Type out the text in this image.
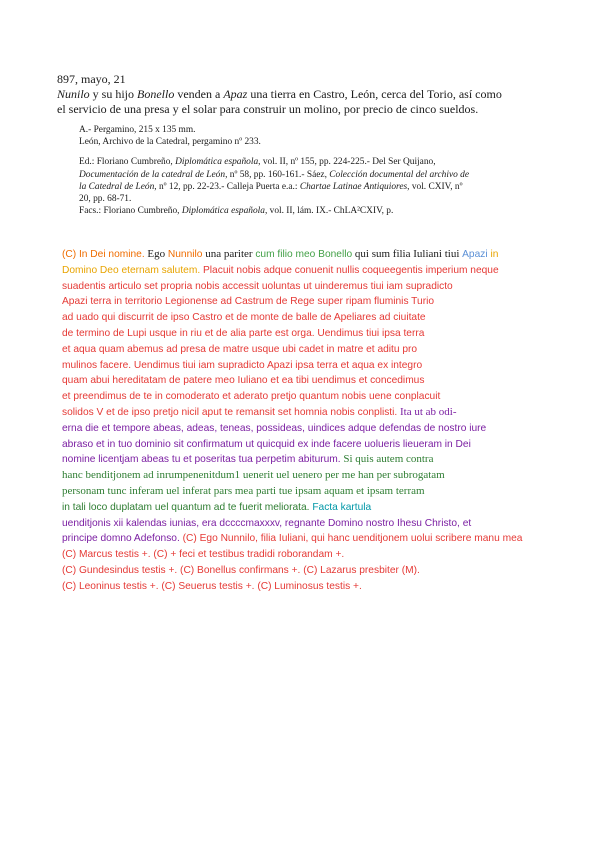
897, mayo, 21

Nunilo y su hijo Bonello venden a Apaz una tierra en Castro, León, cerca del Torio, así como

el servicio de una presa y el solar para construir un molino, por precio de cinco sueldos.

A.- Pergamino, 215 x 135 mm.

León, Archivo de la Catedral, pergamino nº 233.

Ed.: Floriano Cumbreño, Diplomática española, vol. II, nº 155, pp. 224-225.- Del Ser Quijano,

Documentación de la catedral de León, nº 58, pp. 160-161.- Sáez, Colección documental del archivo de

la Catedral de León, nº 12, pp. 22-23.- Calleja Puerta e.a.: Chartae Latinae Antiquiores, vol. CXIV, nº

20, pp. 68-71.

Facs.: Floriano Cumbreño, Diplomática española, vol. II, lám. IX.- ChLA²CXIV, p.

(C) In Dei nomine. Ego Nunnilo una pariter cum filio meo Bonello qui sum filia Iuliani tiui Apazi in
Domino Deo eternam salutem. Placuit nobis adque conuenit nullis coqueegentis imperium neque
suadentis articulo set propria nobis accessit uoluntas ut uinderemus tiui iam supradicto
Apazi terra in territorio Legionense ad Castrum de Rege super ripam fluminis Turio
ad uado qui discurrit de ipso Castro et de monte de balle de Apeliares ad ciuitate
de termino de Lupi usque in riu et de alia parte est orga. Uendimus tiui ipsa terra
et aqua quam abemus ad presa de matre usque ubi cadet in matre et aditu pro
mulinos facere. Uendimus tiui iam supradicto Apazi ipsa terra et aqua ex integro
quam abui hereditatam de patere meo Iuliano et ea tibi uendimus et concedimus
et preendimus de te in comoderato et aderato pretjo quantum nobis uene conplacuit
solidos V et de ipso pretjo nicil aput te remansit set homnia nobis conplisti. Ita ut ab odi-
erna die et tempore abeas, adeas, teneas, possideas, uindices adque defendas de nostro iure
abraso et in tuo dominio sit confirmatum ut quicquid ex inde facere uolueris lieueram in Dei
nomine licentjam abeas tu et poseritas tua perpetim abiturum. Si quis autem contra
hanc benditjonem ad inrumpenenitdum1 uenerit uel uenero per me han per subrogatam
personam tunc inferam uel inferat pars mea parti tue ipsam aquam et ipsam terram
in tali loco duplatam uel quantum ad te fuerit meliorata. Facta kartula
uenditjonis xii kalendas iunias, era dccccmaxxxv, regnante Domino nostro Ihesu Christo, et
principe domno Adefonso. (C) Ego Nunnilo, filia Iuliani, qui hanc uenditjonem uolui scribere manu mea
(C) Marcus testis +. (C) + feci et testibus tradidi roborandam +.
(C) Gundesindus testis +. (C) Bonellus confirmans +. (C) Lazarus presbiter (M).
(C) Leoninus testis +. (C) Seuerus testis +. (C) Luminosus testis +.
